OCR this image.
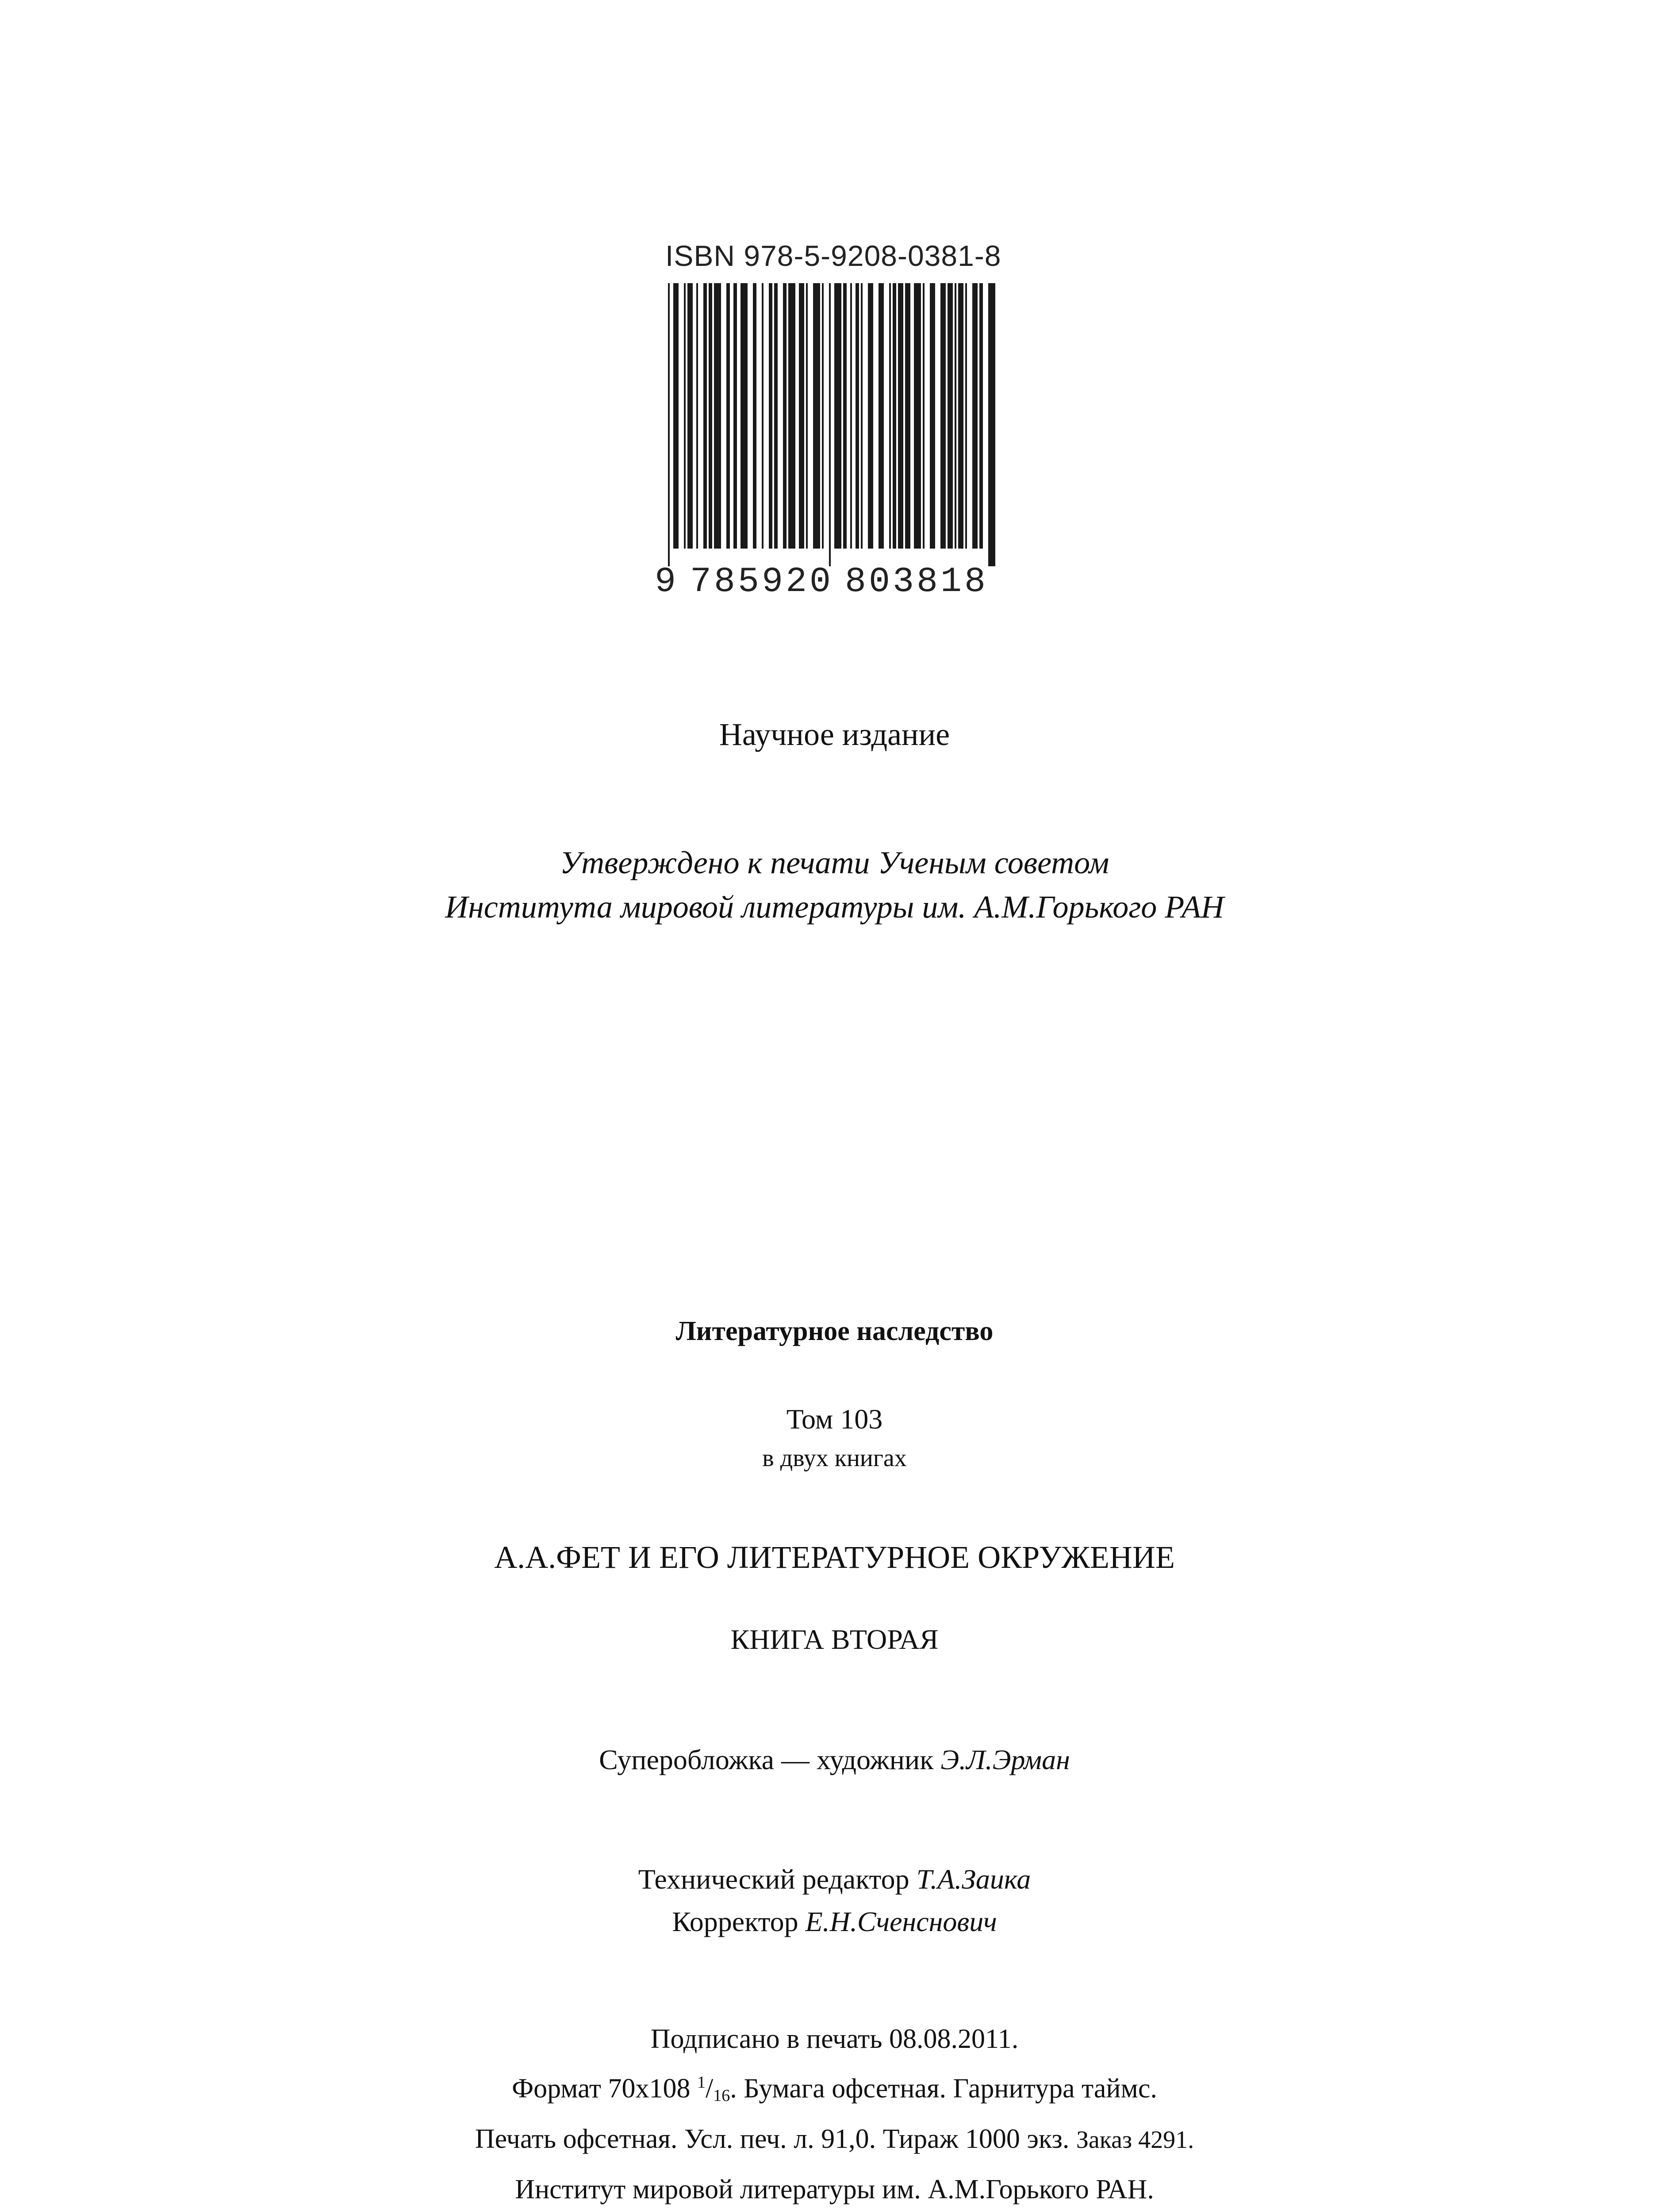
ISBN 978-5-9208-0381-8
9 785920 803818
Научное издание
Утверждено к печати Ученым советом
Института мировой литературы им. А.М.Горького РАН
Литературное наследство
Том 103
в двух книгах
А.А.ФЕТ И ЕГО ЛИТЕРАТУРНОЕ ОКРУЖЕНИЕ
КНИГА ВТОРАЯ
Суперобложка — художник Э.Л.Эрман
Технический редактор Т.А.Заика
Корректор Е.Н.Сченснович
Подписано в печать 08.08.2011.
Формат 70х108 $^1/_{16}$. Бумага офсетная. Гарнитура таймс.
Печать офсетная. Усл. печ. л. 91,0. Тираж 1000 экз. Заказ 4291.
Институт мировой литературы им. А.М.Горького РАН.
